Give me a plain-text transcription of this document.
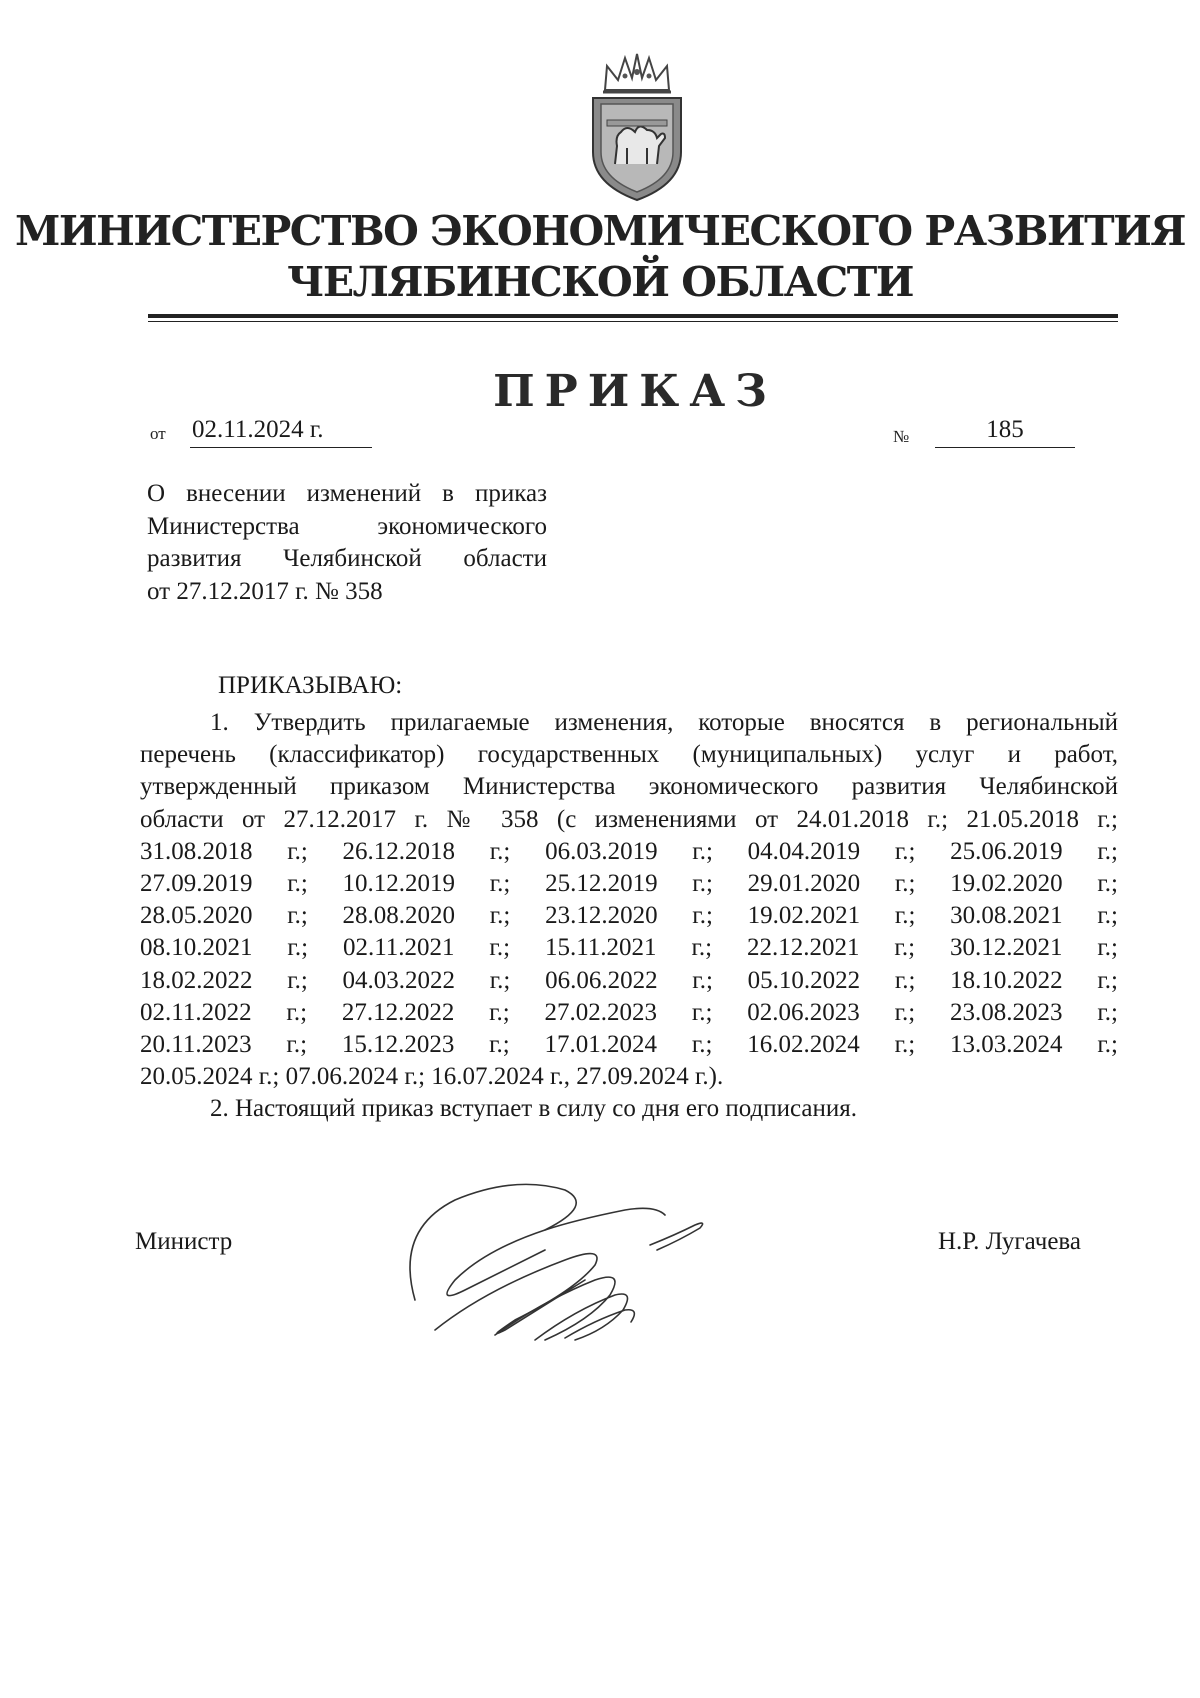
МИНИСТЕРСТВО ЭКОНОМИЧЕСКОГО РАЗВИТИЯ
ЧЕЛЯБИНСКОЙ ОБЛАСТИ
ПРИКАЗ
от 02.11.2024 г.	№	185
О внесении изменений в приказ
Министерства экономического
развития Челябинской области
от 27.12.2017 г. № 358
ПРИКАЗЫВАЮ:
1. Утвердить прилагаемые изменения, которые вносятся в региональный
перечень (классификатор) государственных (муниципальных) услуг и работ,
утвержденный приказом Министерства экономического развития Челябинской
области от 27.12.2017 г. № 358 (с изменениями от 24.01.2018 г.; 21.05.2018 г.;
31.08.2018 г.; 26.12.2018 г.; 06.03.2019 г.; 04.04.2019 г.; 25.06.2019 г.;
27.09.2019 г.; 10.12.2019 г.; 25.12.2019 г.; 29.01.2020 г.; 19.02.2020 г.;
28.05.2020 г.; 28.08.2020 г.; 23.12.2020 г.; 19.02.2021 г.; 30.08.2021 г.;
08.10.2021 г.; 02.11.2021 г.; 15.11.2021 г.; 22.12.2021 г.; 30.12.2021 г.;
18.02.2022 г.; 04.03.2022 г.; 06.06.2022 г.; 05.10.2022 г.; 18.10.2022 г.;
02.11.2022 г.; 27.12.2022 г.; 27.02.2023 г.; 02.06.2023 г.; 23.08.2023 г.;
20.11.2023 г.; 15.12.2023 г.; 17.01.2024 г.; 16.02.2024 г.; 13.03.2024 г.;
20.05.2024 г.; 07.06.2024 г.; 16.07.2024 г., 27.09.2024 г.).
2. Настоящий приказ вступает в силу со дня его подписания.
Министр	Н.Р. Лугачева
